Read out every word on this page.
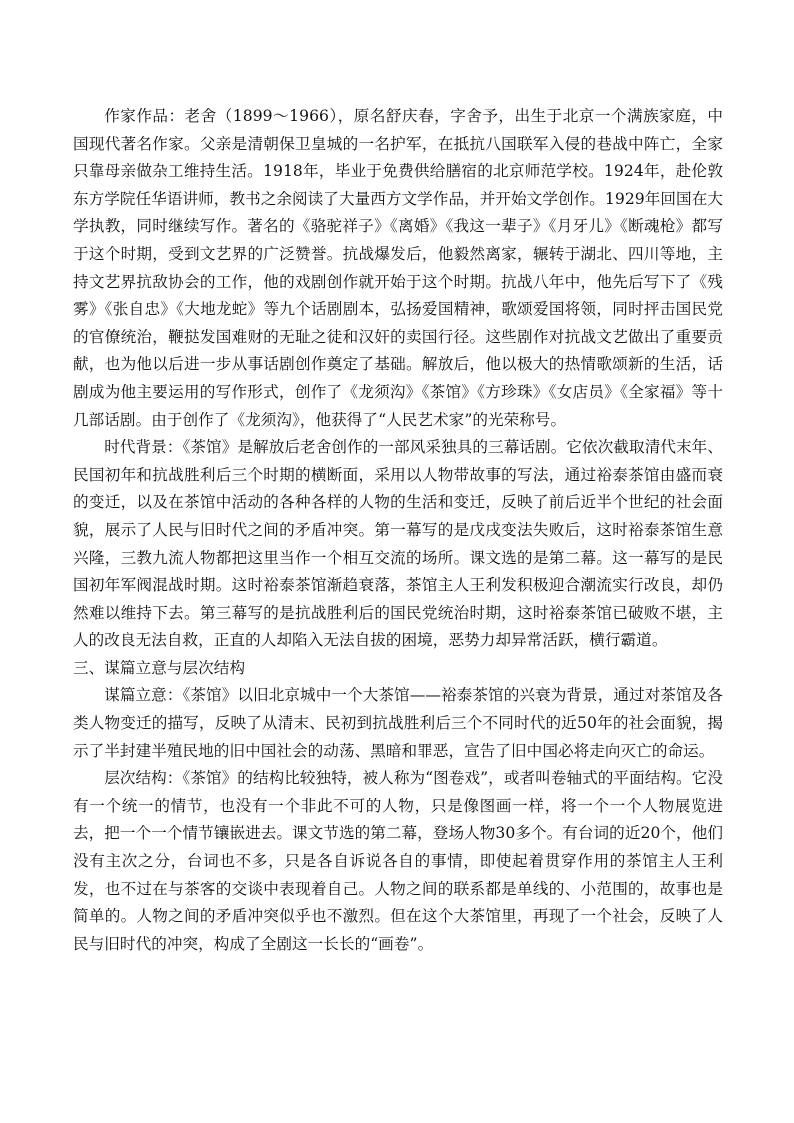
作家作品：老舍（1899～1966），原名舒庆春，字舍予，出生于北京一个满族家庭，中国现代著名作家。父亲是清朝保卫皇城的一名护军，在抵抗八国联军入侵的巷战中阵亡，全家只靠母亲做杂工维持生活。1918年，毕业于免费供给膳宿的北京师范学校。1924年，赴伦敦东方学院任华语讲师，教书之余阅读了大量西方文学作品，并开始文学创作。1929年回国在大学执教，同时继续写作。著名的《骆驼祥子》《离婚》《我这一辈子》《月牙儿》《断魂枪》都写于这个时期，受到文艺界的广泛赞誉。抗战爆发后，他毅然离家，辗转于湖北、四川等地，主持文艺界抗敌协会的工作，他的戏剧创作就开始于这个时期。抗战八年中，他先后写下了《残雾》《张自忠》《大地龙蛇》等九个话剧剧本，弘扬爱国精神，歌颂爱国将领，同时抨击国民党的官僚统治，鞭挞发国难财的无耻之徒和汉奸的卖国行径。这些剧作对抗战文艺做出了重要贡献，也为他以后进一步从事话剧创作奠定了基础。解放后，他以极大的热情歌颂新的生活，话剧成为他主要运用的写作形式，创作了《龙须沟》《茶馆》《方珍珠》《女店员》《全家福》等十几部话剧。由于创作了《龙须沟》，他获得了“人民艺术家”的光荣称号。

时代背景：《茶馆》是解放后老舍创作的一部风采独具的三幕话剧。它依次截取清代末年、民国初年和抗战胜利后三个时期的横断面，采用以人物带故事的写法，通过裕泰茶馆由盛而衰的变迁，以及在茶馆中活动的各种各样的人物的生活和变迁，反映了前后近半个世纪的社会面貌，展示了人民与旧时代之间的矛盾冲突。第一幕写的是戊戌变法失败后，这时裕泰茶馆生意兴隆，三教九流人物都把这里当作一个相互交流的场所。课文选的是第二幕。这一幕写的是民国初年军阀混战时期。这时裕泰茶馆渐趋衰落，茶馆主人王利发积极迎合潮流实行改良，却仍然难以维持下去。第三幕写的是抗战胜利后的国民党统治时期，这时裕泰茶馆已破败不堪，主人的改良无法自救，正直的人却陷入无法自拔的困境，恶势力却异常活跃，横行霸道。

三、谋篇立意与层次结构

谋篇立意：《茶馆》以旧北京城中一个大茶馆——裕泰茶馆的兴衰为背景，通过对茶馆及各类人物变迁的描写，反映了从清末、民初到抗战胜利后三个不同时代的近50年的社会面貌，揭示了半封建半殖民地的旧中国社会的动荡、黑暗和罪恶，宣告了旧中国必将走向灭亡的命运。

层次结构：《茶馆》的结构比较独特，被人称为“图卷戏”，或者叫卷轴式的平面结构。它没有一个统一的情节，也没有一个非此不可的人物，只是像图画一样，将一个一个人物展览进去，把一个一个情节镶嵌进去。课文节选的第二幕，登场人物30多个。有台词的近20个，他们没有主次之分，台词也不多，只是各自诉说各自的事情，即使起着贯穿作用的茶馆主人王利发，也不过在与茶客的交谈中表现着自己。人物之间的联系都是单线的、小范围的，故事也是简单的。人物之间的矛盾冲突似乎也不激烈。但在这个大茶馆里，再现了一个社会，反映了人民与旧时代的冲突，构成了全剧这一长长的“画卷”。
